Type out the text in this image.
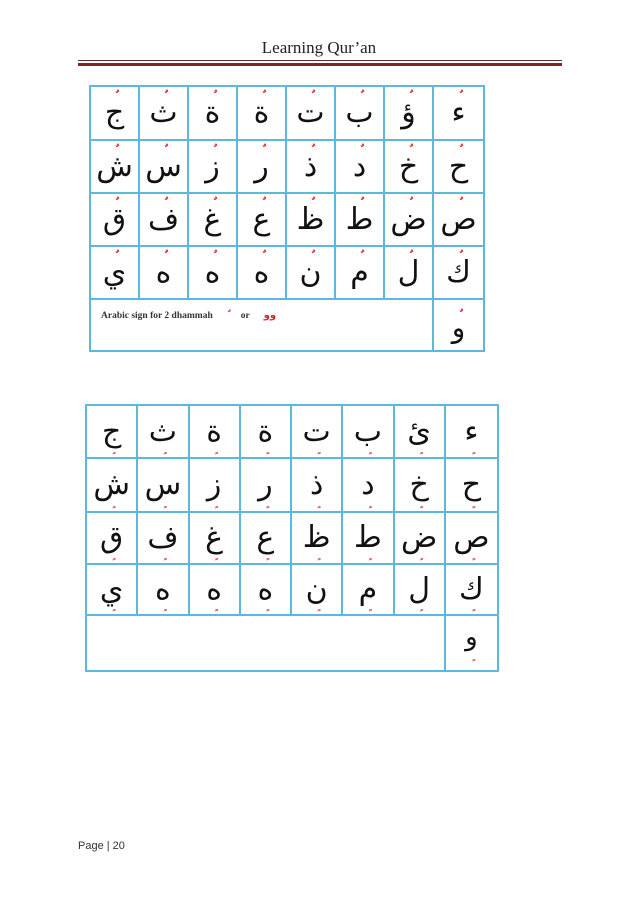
Learning Qur’an
ج ث ة ة ت ب ؤ ء
ش س ز ر ذ د خ ح
ق ف غ ع ظ ط ض ص
ي ه ه ه ن م ل ك
Arabic sign for 2 dhammah	or وو	و
ج ث ة ة ت ب ئ ء
ش س ز ر ذ د خ ح
ق ف غ ع ظ ط ض ص
ي ه ه ه ن م ل ك
و
Page | 20
